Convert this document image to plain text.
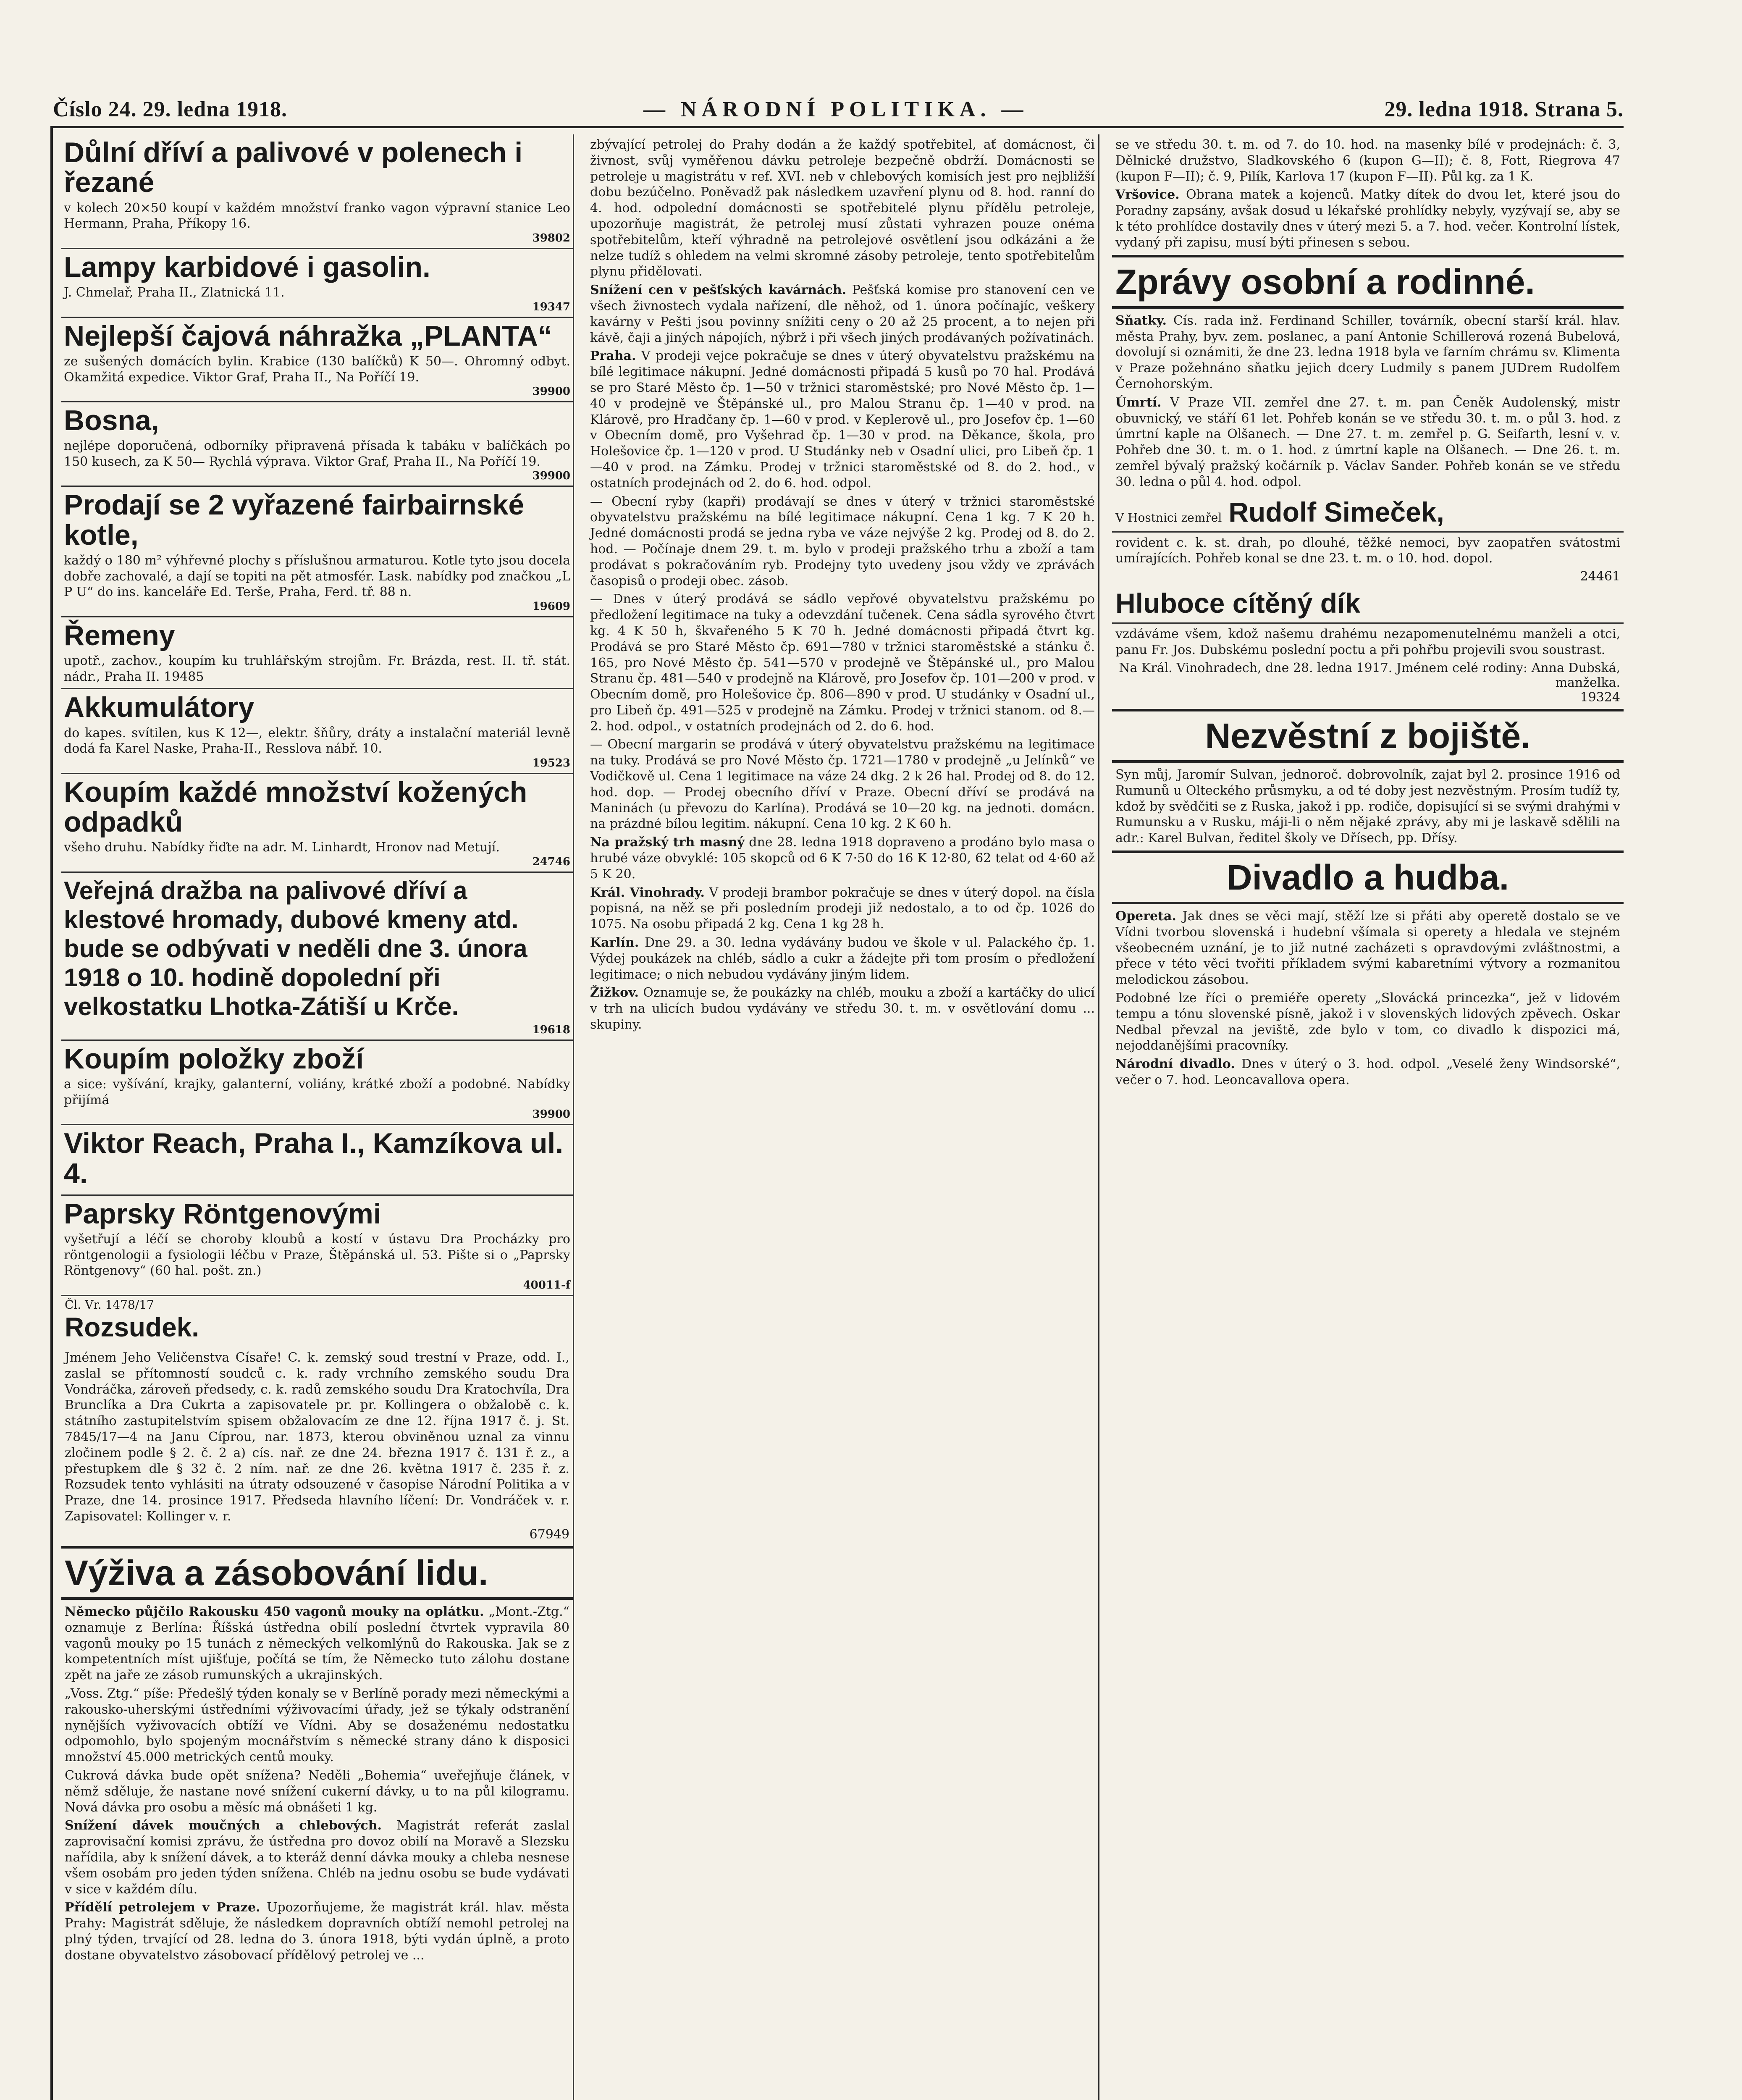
Číslo 24. 29. ledna 1918.	— NÁRODNÍ POLITIKA. —	29. ledna 1918. Strana 5.
Důlní dříví a palivové v polenech i řezané
v kolech 20×50 koupí v každém množství franko vagon výpravní stanice Leo Hermann, Praha, Příkopy 16.
39802
Lampy karbidové i gasolin.
J. Chmelař, Praha II., Zlatnická 11.
19347
Nejlepší čajová náhražka „PLANTA“
ze sušených domácích bylin. Krabice (130 balíčků) K 50—. Ohromný odbyt. Okamžitá expedice. Viktor Graf, Praha II., Na Poříčí 19.
39900
Bosna,
nejlépe doporučená, odborníky připravená přísada k tabáku v balíčkách po 150 kusech, za K 50— Rychlá výprava. Viktor Graf, Praha II., Na Poříčí 19.
39900
Prodají se 2 vyřazené fairbairnské kotle,
každý o 180 m² výhřevné plochy s příslušnou armaturou. Kotle tyto jsou docela dobře zachovalé, a dají se topiti na pět atmosfér. Lask. nabídky pod značkou „L P U“ do ins. kanceláře Ed. Terše, Praha, Ferd. tř. 88 n.
19609
Řemeny
upotř., zachov., koupím ku truhlářským strojům. Fr. Brázda, rest. II. tř. stát. nádr., Praha II. 19485
Akkumulátory
do kapes. svítilen, kus K 12—, elektr. šňůry, dráty a instalační materiál levně dodá fa Karel Naske, Praha-II., Resslova nábř. 10.
19523
Koupím každé množství kožených odpadků
všeho druhu. Nabídky řiďte na adr. M. Linhardt, Hronov nad Metují.
24746
Veřejná dražba na palivové dříví a klestové hromady, dubové kmeny atd. bude se odbývati v neděli dne 3. února 1918 o 10. hodině dopolední při velkostatku Lhotka-Zátiší u Krče.
19618
Koupím položky zboží
a sice: vyšívání, krajky, galanterní, voliány, krátké zboží a podobné. Nabídky přijímá
39900
Viktor Reach, Praha I., Kamzíkova ul. 4.
Paprsky Röntgenovými
vyšetřují a léčí se choroby kloubů a kostí v ústavu Dra Procházky pro röntgenologii a fysiologii léčbu v Praze, Štěpánská ul. 53. Pište si o „Paprsky Röntgenovy“ (60 hal. pošt. zn.)
40011-f
Čl. Vr. 1478/17
Rozsudek.
Jménem Jeho Veličenstva Císaře! C. k. zemský soud trestní v Praze, odd. I., zaslal se přítomností soudců c. k. rady vrchního zemského soudu Dra Vondráčka, zároveň předsedy, c. k. radů zemského soudu Dra Kratochvíla, Dra Brunclíka a Dra Cukrta a zapisovatele pr. pr. Kollingera o obžalobě c. k. státního zastupitelstvím spisem obžalovacím ze dne 12. října 1917 č. j. St. 7845/17—4 na Janu Cíprou, nar. 1873, kterou obviněnou uznal za vinnu zločinem podle § 2. č. 2 a) cís. nař. ze dne 24. března 1917 č. 131 ř. z., a přestupkem dle § 32 č. 2 ním. nař. ze dne 26. května 1917 č. 235 ř. z. Rozsudek tento vyhlásiti na útraty odsouzené v časopise Národní Politika a v Praze, dne 14. prosince 1917. Předseda hlavního líčení: Dr. Vondráček v. r. Zapisovatel: Kollinger v. r.
67949
Výživa a zásobování lidu.
Německo půjčilo Rakousku 450 vagonů mouky na oplátku. „Mont.-Ztg.“ oznamuje z Berlína: Říšská ústředna obilí poslední čtvrtek vypravila 80 vagonů mouky po 15 tunách z německých velkomlýnů do Rakouska. Jak se z kompetentních míst ujišťuje, počítá se tím, že Německo tuto zálohu dostane zpět na jaře ze zásob rumunských a ukrajinských.
„Voss. Ztg.“ píše: Předešlý týden konaly se v Berlíně porady mezi německými a rakousko-uherskými ústředními výživovacími úřady, jež se týkaly odstranění nynějších vyživovacích obtíží ve Vídni. Aby se dosaženému nedostatku odpomohlo, bylo spojeným mocnářstvím s německé strany dáno k disposici množství 45.000 metrických centů mouky.
Cukrová dávka bude opět snížena? Neděli „Bohemia“ uveřejňuje článek, v němž sděluje, že nastane nové snížení cukerní dávky, u to na půl kilogramu. Nová dávka pro osobu a měsíc má obnášeti 1 kg.
Snížení dávek moučných a chlebových. Magistrát referát zaslal zaprovisační komisi zprávu, že ústředna pro dovoz obilí na Moravě a Slezsku nařídila, aby k snížení dávek, a to kteráž denní dávka mouky a chleba nesnese všem osobám pro jeden týden snížena. Chléb na jednu osobu se bude vydávati v sice v každém dílu.
Přídělí petrolejem v Praze. Upozorňujeme, že magistrát král. hlav. města Prahy: Magistrát sděluje, že následkem dopravních obtíží nemohl petrolej na plný týden, trvající od 28. ledna do 3. února 1918, býti vydán úplně, a proto dostane obyvatelstvo zásobovací přídělový petrolej ve ...
zbývající petrolej do Prahy dodán a že každý spotřebitel, ať domácnost, či živnost, svůj vyměřenou dávku petroleje bezpečně obdrží. Domácnosti se petroleje u magistrátu v ref. XVI. neb v chlebových komisích jest pro nejbližší dobu bezúčelno. Poněvadž pak následkem uzavření plynu od 8. hod. ranní do 4. hod. odpolední domácnosti se spotřebitelé plynu přídělu petroleje, upozorňuje magistrát, že petrolej musí zůstati vyhrazen pouze onéma spotřebitelům, kteří výhradně na petrolejové osvětlení jsou odkázáni a že nelze tudíž s ohledem na velmi skromné zásoby petroleje, tento spotřebitelům plynu přidělovati.
Snížení cen v pešťských kavárnách. Pešťská komise pro stanovení cen ve všech živnostech vydala nařízení, dle něhož, od 1. února počínajíc, veškery kavárny v Pešti jsou povinny snížiti ceny o 20 až 25 procent, a to nejen při kávě, čaji a jiných nápojích, nýbrž i při všech jiných prodávaných požívatinách.
Praha. V prodeji vejce pokračuje se dnes v úterý obyvatelstvu pražskému na bílé legitimace nákupní. Jedné domácnosti připadá 5 kusů po 70 hal. Prodává se pro Staré Město čp. 1—50 v tržnici staroměstské; pro Nové Město čp. 1—40 v prodejně ve Štěpánské ul., pro Malou Stranu čp. 1—40 v prod. na Klárově, pro Hradčany čp. 1—60 v prod. v Keplerově ul., pro Josefov čp. 1—60 v Obecním domě, pro Vyšehrad čp. 1—30 v prod. na Děkance, škola, pro Holešovice čp. 1—120 v prod. U Studánky neb v Osadní ulici, pro Libeň čp. 1—40 v prod. na Zámku. Prodej v tržnici staroměstské od 8. do 2. hod., v ostatních prodejnách od 2. do 6. hod. odpol.
— Obecní ryby (kapři) prodávají se dnes v úterý v tržnici staroměstské obyvatelstvu pražskému na bílé legitimace nákupní. Cena 1 kg. 7 K 20 h. Jedné domácnosti prodá se jedna ryba ve váze nejvýše 2 kg. Prodej od 8. do 2. hod. — Počínaje dnem 29. t. m. bylo v prodeji pražského trhu a zboží a tam prodávat s pokračováním ryb. Prodejny tyto uvedeny jsou vždy ve zprávách časopisů o prodeji obec. zásob.
— Dnes v úterý prodává se sádlo vepřové obyvatelstvu pražskému po předložení legitimace na tuky a odevzdání tučenek. Cena sádla syrového čtvrt kg. 4 K 50 h, škvařeného 5 K 70 h. Jedné domácnosti připadá čtvrt kg. Prodává se pro Staré Město čp. 691—780 v tržnici staroměstské a stánku č. 165, pro Nové Město čp. 541—570 v prodejně ve Štěpánské ul., pro Malou Stranu čp. 481—540 v prodejně na Klárově, pro Josefov čp. 101—200 v prod. v Obecním domě, pro Holešovice čp. 806—890 v prod. U studánky v Osadní ul., pro Libeň čp. 491—525 v prodejně na Zámku. Prodej v tržnici stanom. od 8.—2. hod. odpol., v ostatních prodejnách od 2. do 6. hod.
— Obecní margarin se prodává v úterý obyvatelstvu pražskému na legitimace na tuky. Prodává se pro Nové Město čp. 1721—1780 v prodejně „u Jelínků“ ve Vodičkově ul. Cena 1 legitimace na váze 24 dkg. 2 k 26 hal. Prodej od 8. do 12. hod. dop. — Prodej obecního dříví v Praze. Obecní dříví se prodává na Maninách (u převozu do Karlína). Prodává se 10—20 kg. na jednoti. domácn. na prázdné bílou legitim. nákupní. Cena 10 kg. 2 K 60 h.
Na pražský trh masný dne 28. ledna 1918 dopraveno a prodáno bylo masa o hrubé váze obvyklé: 105 skopců od 6 K 7·50 do 16 K 12·80, 62 telat od 4·60 až 5 K 20.
Král. Vinohrady. V prodeji brambor pokračuje se dnes v úterý dopol. na čísla popisná, na něž se při posledním prodeji již nedostalo, a to od čp. 1026 do 1075. Na osobu připadá 2 kg. Cena 1 kg 28 h.
Karlín. Dne 29. a 30. ledna vydávány budou ve škole v ul. Palackého čp. 1. Výdej poukázek na chléb, sádlo a cukr a žádejte při tom prosím o předložení legitimace; o nich nebudou vydávány jiným lidem.
Žižkov. Oznamuje se, že poukázky na chléb, mouku a zboží a kartáčky do ulicí v trh na ulicích budou vydávány ve středu 30. t. m. v osvětlování domu ... skupiny.
se ve středu 30. t. m. od 7. do 10. hod. na masenky bílé v prodejnách: č. 3, Dělnické družstvo, Sladkovského 6 (kupon G—II); č. 8, Fott, Riegrova 47 (kupon F—II); č. 9, Pilík, Karlova 17 (kupon F—II). Půl kg. za 1 K.
Vršovice. Obrana matek a kojenců. Matky dítek do dvou let, které jsou do Poradny zapsány, avšak dosud u lékařské prohlídky nebyly, vyzývají se, aby se k této prohlídce dostavily dnes v úterý mezi 5. a 7. hod. večer. Kontrolní lístek, vydaný při zapisu, musí býti přinesen s sebou.
Zprávy osobní a rodinné.
Sňatky. Cís. rada inž. Ferdinand Schiller, továrník, obecní starší král. hlav. města Prahy, byv. zem. poslanec, a paní Antonie Schillerová rozená Bubelová, dovolují si oznámiti, že dne 23. ledna 1918 byla ve farním chrámu sv. Klimenta v Praze požehnáno sňatku jejich dcery Ludmily s panem JUDrem Rudolfem Černohorským.
Úmrtí. V Praze VII. zemřel dne 27. t. m. pan Čeněk Audolenský, mistr obuvnický, ve stáří 61 let. Pohřeb konán se ve středu 30. t. m. o půl 3. hod. z úmrtní kaple na Olšanech. — Dne 27. t. m. zemřel p. G. Seifarth, lesní v. v. Pohřeb dne 30. t. m. o 1. hod. z úmrtní kaple na Olšanech. — Dne 26. t. m. zemřel bývalý pražský kočárník p. Václav Sander. Pohřeb konán se ve středu 30. ledna o půl 4. hod. odpol.
V Hostnici zemřel Rudolf Simeček,
rovident c. k. st. drah, po dlouhé, těžké nemoci, byv zaopatřen svátostmi umírajících. Pohřeb konal se dne 23. t. m. o 10. hod. dopol.
24461
Hluboce cítěný dík
vzdáváme všem, kdož našemu drahému nezapomenutelnému manželi a otci, panu Fr. Jos. Dubskému poslední poctu a při pohřbu projevili svou soustrast.
Na Král. Vinohradech, dne 28. ledna 1917. Jménem celé rodiny: Anna Dubská, manželka.
19324
Nezvěstní z bojiště.
Syn můj, Jaromír Sulvan, jednoroč. dobrovolník, zajat byl 2. prosince 1916 od Rumunů u Olteckého průsmyku, a od té doby jest nezvěstným. Prosím tudíž ty, kdož by svědčiti se z Ruska, jakož i pp. rodiče, dopisující si se svými drahými v Rumunsku a v Rusku, máji-li o něm nějaké zprávy, aby mi je laskavě sdělili na adr.: Karel Bulvan, ředitel školy ve Dřísech, pp. Dřísy.
Divadlo a hudba.
Opereta. Jak dnes se věci mají, stěží lze si přáti aby operetě dostalo se ve Vídni tvorbou slovenská i hudební všímala si operety a hledala ve stejném všeobecném uznání, je to již nutné zacházeti s opravdovými zvláštnostmi, a přece v této věci tvořiti příkladem svými kabaretními výtvory a rozmanitou melodickou zásobou.
Podobné lze říci o premiéře operety „Slovácká princezka“, jež v lidovém tempu a tónu slovenské písně, jakož i v slovenských lidových zpěvech. Oskar Nedbal převzal na jeviště, zde bylo v tom, co divadlo k dispozici má, nejoddanějšími pracovníky.
Národní divadlo. Dnes v úterý o 3. hod. odpol. „Veselé ženy Windsorské“, večer o 7. hod. Leoncavallova opera.
